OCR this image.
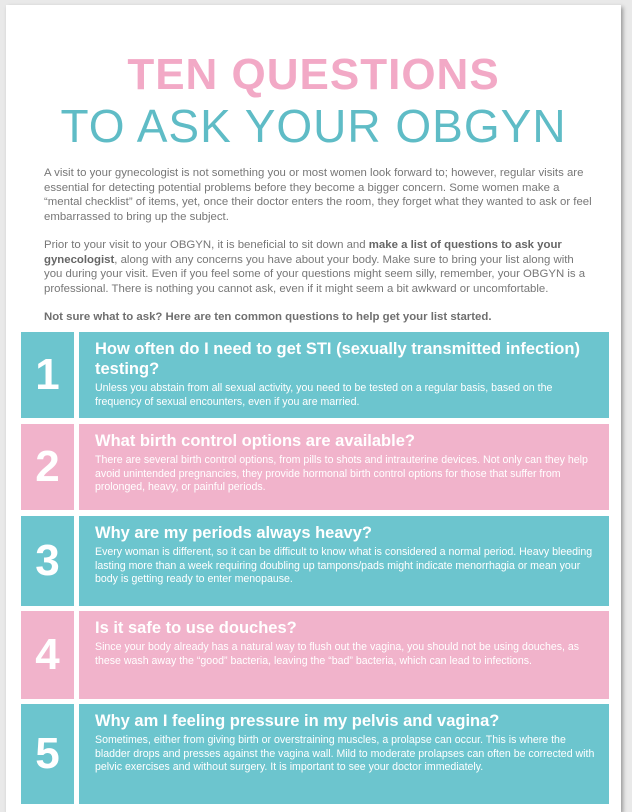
TEN QUESTIONS
TO ASK YOUR OBGYN

A visit to your gynecologist is not something you or most women look forward to; however, regular visits are essential for detecting potential problems before they become a bigger concern. Some women make a “mental checklist” of items, yet, once their doctor enters the room, they forget what they wanted to ask or feel embarrassed to bring up the subject.

Prior to your visit to your OBGYN, it is beneficial to sit down and make a list of questions to ask your gynecologist, along with any concerns you have about your body. Make sure to bring your list along with you during your visit. Even if you feel some of your questions might seem silly, remember, your OBGYN is a professional. There is nothing you cannot ask, even if it might seem a bit awkward or uncomfortable.

Not sure what to ask? Here are ten common questions to help get your list started.

1

How often do I need to get STI (sexually transmitted infection) testing?

Unless you abstain from all sexual activity, you need to be tested on a regular basis, based on the frequency of sexual encounters, even if you are married.

2

What birth control options are available?

There are several birth control options, from pills to shots and intrauterine devices. Not only can they help avoid unintended pregnancies, they provide hormonal birth control options for those that suffer from prolonged, heavy, or painful periods.

3

Why are my periods always heavy?

Every woman is different, so it can be difficult to know what is considered a normal period. Heavy bleeding lasting more than a week requiring doubling up tampons/pads might indicate menorrhagia or mean your body is getting ready to enter menopause.

4

Is it safe to use douches?

Since your body already has a natural way to flush out the vagina, you should not be using douches, as these wash away the “good” bacteria, leaving the “bad” bacteria, which can lead to infections.

5

Why am I feeling pressure in my pelvis and vagina?

Sometimes, either from giving birth or overstraining muscles, a prolapse can occur. This is where the bladder drops and presses against the vagina wall. Mild to moderate prolapses can often be corrected with pelvic exercises and without surgery. It is important to see your doctor immediately.
